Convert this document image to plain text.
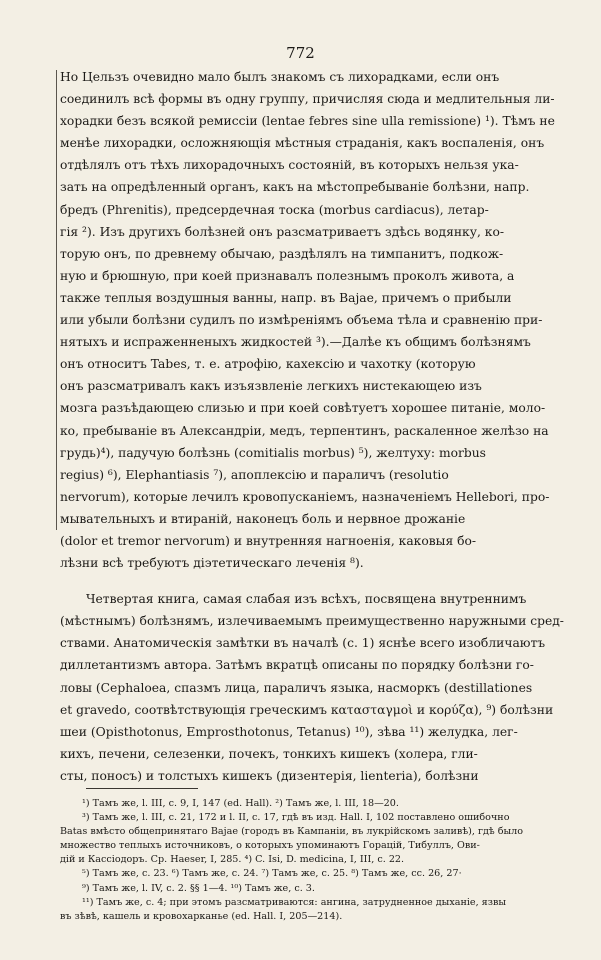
772
Но Цельзъ очевидно мало былъ знакомъ съ лихорадками, если онъ
соединилъ всѣ формы въ одну группу, причисляя сюда и медлительныя ли-
хорадки безъ всякой ремиссіи (lentae febres sine ulla remissione) ¹). Тѣмъ не
менѣе лихорадки, осложняющія мѣстныя страданія, какъ воспаленія, онъ
отдѣлялъ отъ тѣхъ лихорадочныхъ состояній, въ которыхъ нельзя ука-
зать на опредѣленный органъ, какъ на мѣстопребываніе болѣзни, напр.
бредъ (Phrenitis), предсердечная тоска (morbus cardiacus), летар-
гія ²). Изъ другихъ болѣзней онъ разсматриваетъ здѣсь водянку, ко-
торую онъ, по древнему обычаю, раздѣлялъ на тимпанитъ, подкож-
ную и брюшную, при коей признавалъ полезнымъ проколъ живота, а
также теплыя воздушныя ванны, напр. въ Вајае, причемъ о прибыли
или убыли болѣзни судилъ по измѣреніямъ объема тѣла и сравненію при-
нятыхъ и испраженненыхъ жидкостей ³).—Далѣе къ общимъ болѣзнямъ
онъ относитъ Tabes, т. е. атрофію, кахексію и чахотку (которую
онъ разсматривалъ какъ изъязвленіе легкихъ нистекающею изъ
мозга разъѣдающею слизью и при коей совѣтуетъ хорошее питаніе, моло-
ко, пребываніе въ Александріи, медъ, терпентинъ, раскаленное желѣзо на
грудь)⁴), падучую болѣзнь (comitialis morbus) ⁵), желтуху: morbus
regius) ⁶), Elephantiasis ⁷), апоплексію и параличъ (resolutio
nervorum), которые лечилъ кровопусканіемъ, назначеніемъ Hellebori, про-
мывательныхъ и втираній, наконецъ боль и нервное дрожаніе
(dolor et tremor nervorum) и внутренняя нагноенія, каковыя бо-
лѣзни всѣ требуютъ діэтетическаго леченія ⁸).
Четвертая книга, самая слабая изъ всѣхъ, посвящена внутреннимъ
(мѣстнымъ) болѣзнямъ, излечиваемымъ преимущественно наружными сред-
ствами. Анатомическія замѣтки въ началѣ (с. 1) яснѣе всего изобличаютъ
диллетантизмъ автора. Затѣмъ вкратцѣ описаны по порядку болѣзни го-
ловы (Cephaloea, спазмъ лица, параличъ языка, насморкъ (destillationes
et gravedo, соотвѣтствующія греческимъ κατασταγμοὶ и κορύζα), ⁹) болѣзни
шеи (Opisthotonus, Emprosthotonus, Tetanus) ¹⁰), зѣва ¹¹) желудка, лег-
кихъ, печени, селезенки, почекъ, тонкихъ кишекъ (холера, гли-
сты, поносъ) и толстыхъ кишекъ (дизентерія, lienteria), болѣзни
¹) Тамъ же, l. III, c. 9, I, 147 (ed. Hall). ²) Тамъ же, l. III, 18—20.
³) Тамъ же, l. III, c. 21, 172 и l. II, c. 17, гдѣ въ изд. Hall. I, 102 поставлено ошибочно
Batas вмѣсто общепринятаго Bajae (городъ въ Кампаніи, въ лукрійскомъ заливѣ), гдѣ было
множество теплыхъ источниковъ, о которыхъ упоминаютъ Горацій, Тибуллъ, Ови-
дій и Кассіодоръ. Ср. Haeser, I, 285. ⁴) C. Isi, D. medicina, I, III, c. 22.
⁵) Тамъ же, c. 23. ⁶) Тамъ же, c. 24. ⁷) Тамъ же, c. 25. ⁸) Тамъ же, cc. 26, 27·
⁹) Тамъ же, l. IV, c. 2. §§ 1—4. ¹⁰) Тамъ же, c. 3.
¹¹) Тамъ же, c. 4; при этомъ разсматриваются: ангина, затрудненное дыханіе, язвы
въ зѣвѣ, кашель и кровохарканье (ed. Hall. I, 205—214).
